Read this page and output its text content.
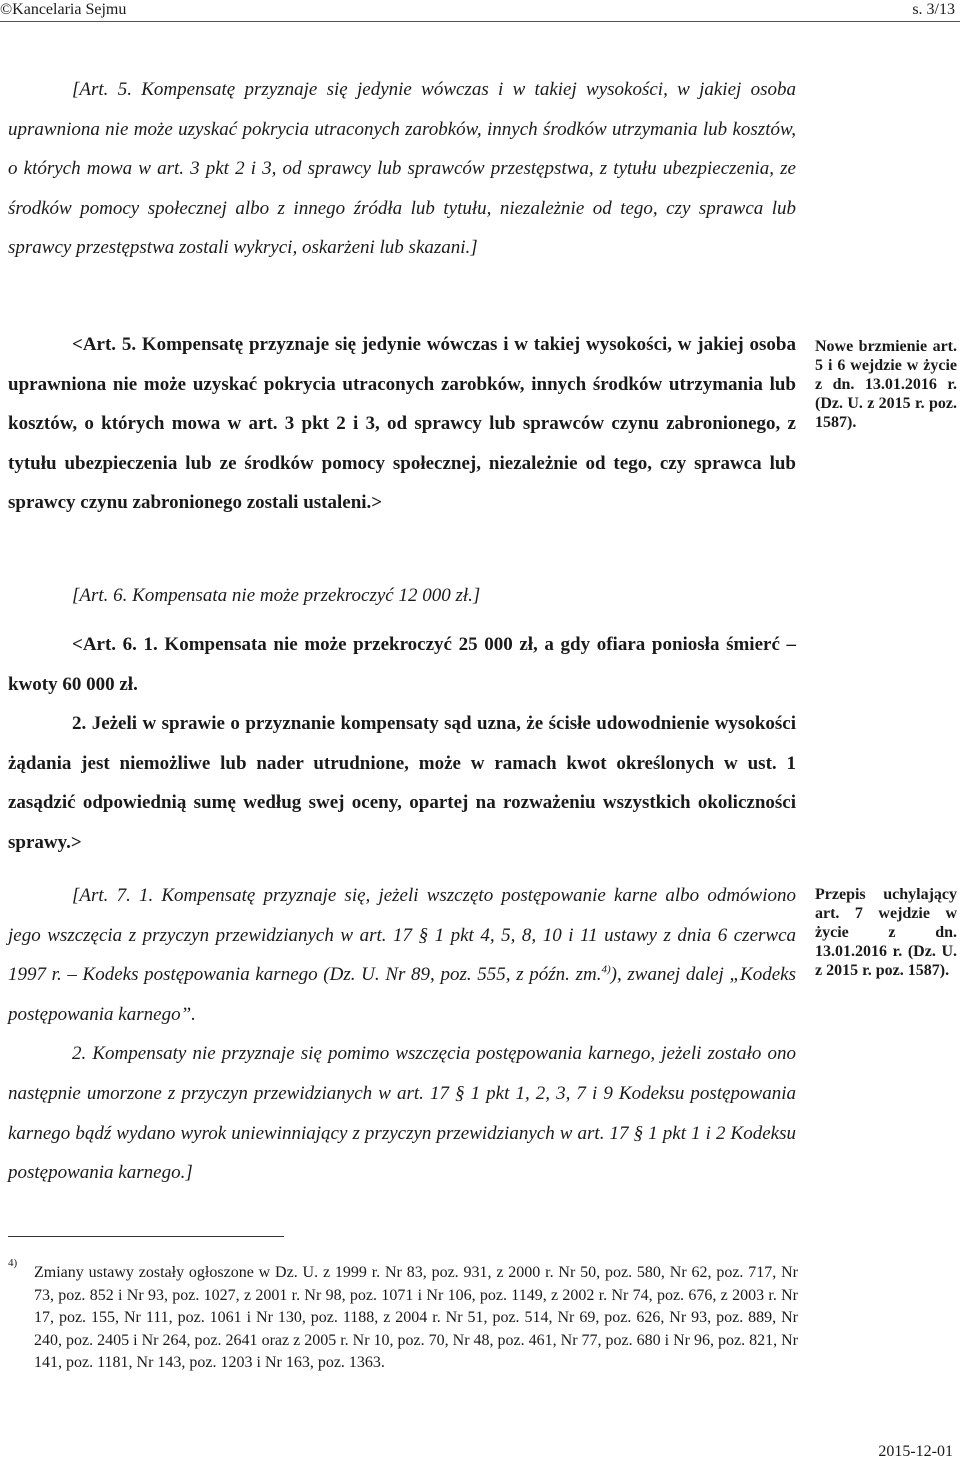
©Kancelaria Sejmu	s. 3/13

[Art. 5. Kompensatę przyznaje się jedynie wówczas i w takiej wysokości, w jakiej osoba uprawniona nie może uzyskać pokrycia utraconych zarobków, innych środków utrzymania lub kosztów, o których mowa w art. 3 pkt 2 i 3, od sprawcy lub sprawców przestępstwa, z tytułu ubezpieczenia, ze środków pomocy społecznej albo z innego źródła lub tytułu, niezależnie od tego, czy sprawca lub sprawcy przestępstwa zostali wykryci, oskarżeni lub skazani.]

<Art. 5. Kompensatę przyznaje się jedynie wówczas i w takiej wysokości, w jakiej osoba uprawniona nie może uzyskać pokrycia utraconych zarobków, innych środków utrzymania lub kosztów, o których mowa w art. 3 pkt 2 i 3, od sprawcy lub sprawców czynu zabronionego, z tytułu ubezpieczenia lub ze środków pomocy społecznej, niezależnie od tego, czy sprawca lub sprawcy czynu zabronionego zostali ustaleni.>

Nowe brzmienie art. 5 i 6 wejdzie w życie z dn. 13.01.2016 r. (Dz. U. z 2015 r. poz. 1587).

[Art. 6. Kompensata nie może przekroczyć 12 000 zł.]

<Art. 6. 1. Kompensata nie może przekroczyć 25 000 zł, a gdy ofiara poniosła śmierć – kwoty 60 000 zł.

2. Jeżeli w sprawie o przyznanie kompensaty sąd uzna, że ścisłe udowodnienie wysokości żądania jest niemożliwe lub nader utrudnione, może w ramach kwot określonych w ust. 1 zasądzić odpowiednią sumę według swej oceny, opartej na rozważeniu wszystkich okoliczności sprawy.>

[Art. 7. 1. Kompensatę przyznaje się, jeżeli wszczęto postępowanie karne albo odmówiono jego wszczęcia z przyczyn przewidzianych w art. 17 § 1 pkt 4, 5, 8, 10 i 11 ustawy z dnia 6 czerwca 1997 r. – Kodeks postępowania karnego (Dz. U. Nr 89, poz. 555, z późn. zm.$^{4)}$), zwanej dalej „Kodeks postępowania karnego”.

2. Kompensaty nie przyznaje się pomimo wszczęcia postępowania karnego, jeżeli zostało ono następnie umorzone z przyczyn przewidzianych w art. 17 § 1 pkt 1, 2, 3, 7 i 9 Kodeksu postępowania karnego bądź wydano wyrok uniewinniający z przyczyn przewidzianych w art. 17 § 1 pkt 1 i 2 Kodeksu postępowania karnego.]

Przepis uchylający art. 7 wejdzie w życie z dn. 13.01.2016 r. (Dz. U. z 2015 r. poz. 1587).
4)
Zmiany ustawy zostały ogłoszone w Dz. U. z 1999 r. Nr 83, poz. 931, z 2000 r. Nr 50, poz. 580, Nr 62, poz. 717, Nr 73, poz. 852 i Nr 93, poz. 1027, z 2001 r. Nr 98, poz. 1071 i Nr 106, poz. 1149, z 2002 r. Nr 74, poz. 676, z 2003 r. Nr 17, poz. 155, Nr 111, poz. 1061 i Nr 130, poz. 1188, z 2004 r. Nr 51, poz. 514, Nr 69, poz. 626, Nr 93, poz. 889, Nr 240, poz. 2405 i Nr 264, poz. 2641 oraz z 2005 r. Nr 10, poz. 70, Nr 48, poz. 461, Nr 77, poz. 680 i Nr 96, poz. 821, Nr 141, poz. 1181, Nr 143, poz. 1203 i Nr 163, poz. 1363.
2015-12-01
